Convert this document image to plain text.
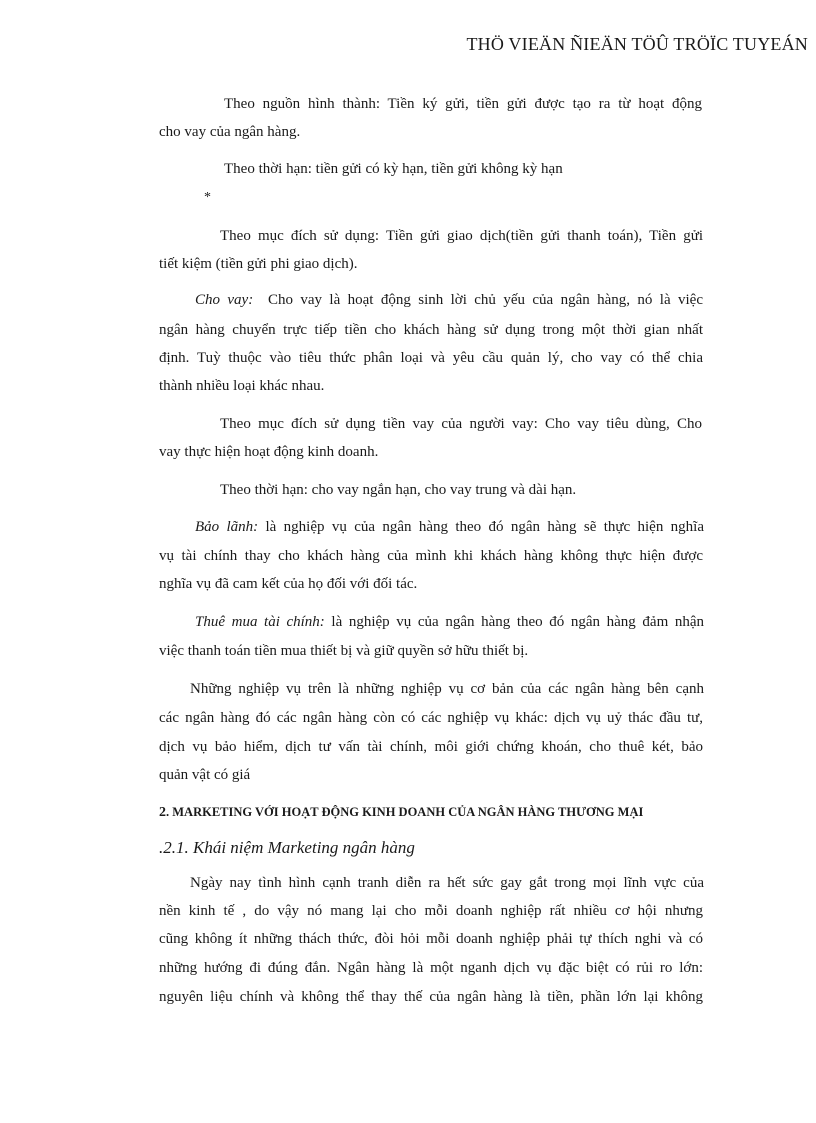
THÖ VIEÄN ÑIEÄN TÖÛ TRÖÏC TUYEÁN
Theo nguồn hình thành: Tiền ký gửi, tiền gửi được tạo ra từ hoạt động
cho vay của ngân hàng.
Theo thời hạn: tiền gửi có kỳ hạn, tiền gửi không kỳ hạn
*
Theo mục đích sử dụng: Tiền gửi giao dịch(tiền gửi thanh toán), Tiền gửi
tiết kiệm (tiền gửi phi giao dịch).
Cho vay: Cho vay là hoạt động sinh lời chủ yếu của ngân hàng, nó là việc
ngân hàng chuyển trực tiếp tiền cho khách hàng sử dụng trong một thời gian nhất
định. Tuỳ thuộc vào tiêu thức phân loại và yêu cầu quản lý, cho vay có thể chia
thành nhiều loại khác nhau.
Theo mục đích sử dụng tiền vay của người vay: Cho vay tiêu dùng, Cho
vay thực hiện hoạt động kinh doanh.
Theo thời hạn: cho vay ngắn hạn, cho vay trung và dài hạn.
Bảo lãnh: là nghiệp vụ của ngân hàng theo đó ngân hàng sẽ thực hiện nghĩa
vụ tài chính thay cho khách hàng của mình khi khách hàng không thực hiện được
nghĩa vụ đã cam kết của họ đối với đối tác.
Thuê mua tài chính: là nghiệp vụ của ngân hàng theo đó ngân hàng đảm nhận
việc thanh toán tiền mua thiết bị và giữ quyền sở hữu thiết bị.
Những nghiệp vụ trên là những nghiệp vụ cơ bản của các ngân hàng bên cạnh
các ngân hàng đó các ngân hàng còn có các nghiệp vụ khác: dịch vụ uỷ thác đầu tư,
dịch vụ bảo hiểm, dịch tư vấn tài chính, môi giới chứng khoán, cho thuê két, bảo
quản vật có giá
2. MARKETING VỚI HOẠT ĐỘNG KINH DOANH CỦA NGÂN HÀNG THƯƠNG MẠI
.2.1. Khái niệm Marketing ngân hàng
Ngày nay tình hình cạnh tranh diễn ra hết sức gay gắt trong mọi lĩnh vực của
nền kinh tế , do vậy nó mang lại cho mỗi doanh nghiệp rất nhiều cơ hội nhưng
cũng không ít những thách thức, đòi hỏi mỗi doanh nghiệp phải tự thích nghi và có
những hướng đi đúng đắn. Ngân hàng là một nganh dịch vụ đặc biệt có rủi ro lớn:
nguyên liệu chính và không thể thay thế của ngân hàng là tiền, phần lớn lại không
